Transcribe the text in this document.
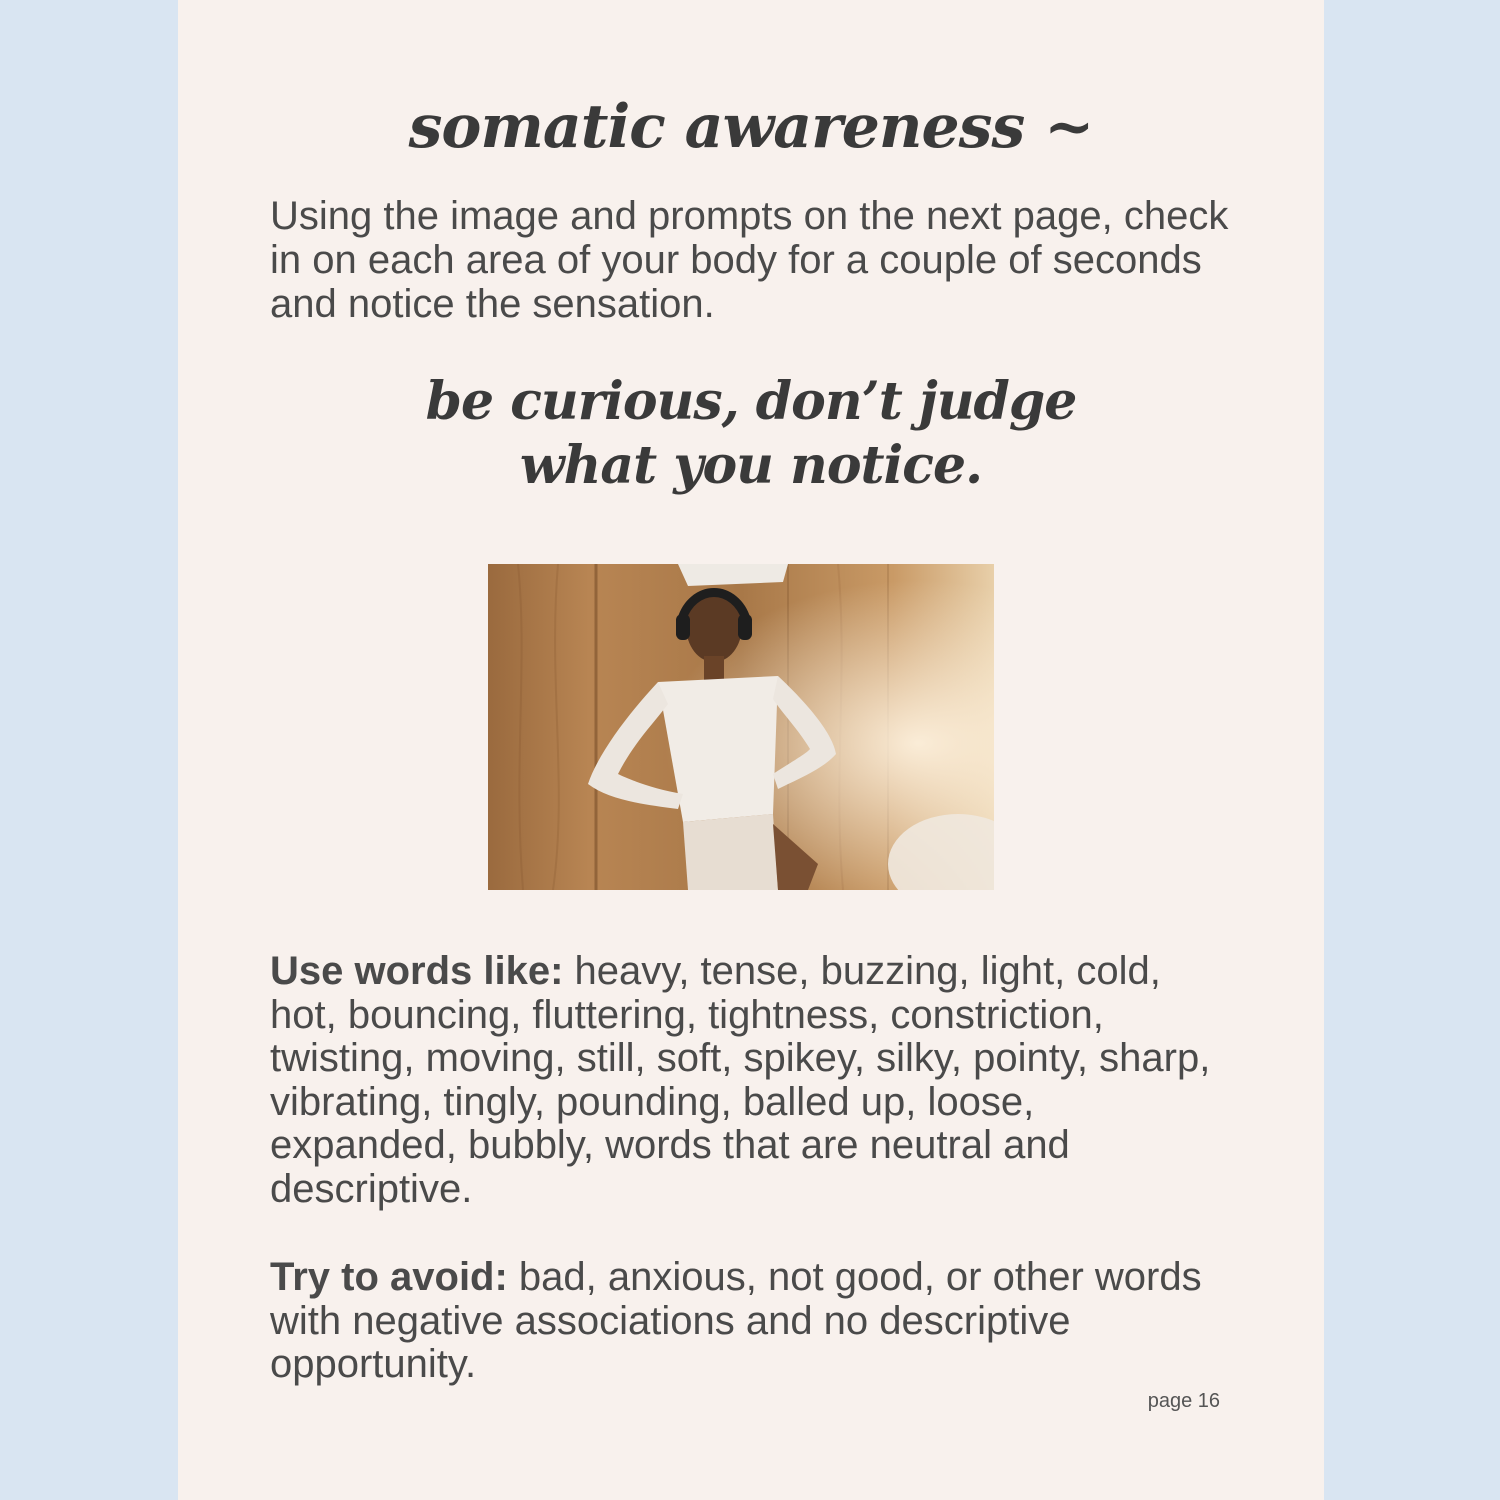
somatic awareness ~
Using the image and prompts on the next page, check in on each area of your body for a couple of seconds and notice the sensation.
be curious, don’t judge
what you notice.
Use words like: heavy, tense, buzzing, light, cold, hot, bouncing, fluttering, tightness, constriction, twisting, moving, still, soft, spikey, silky, pointy, sharp, vibrating, tingly, pounding, balled up, loose, expanded, bubbly, words that are neutral and descriptive.
Try to avoid: bad, anxious, not good, or other words with negative associations and no descriptive opportunity.
page 16
